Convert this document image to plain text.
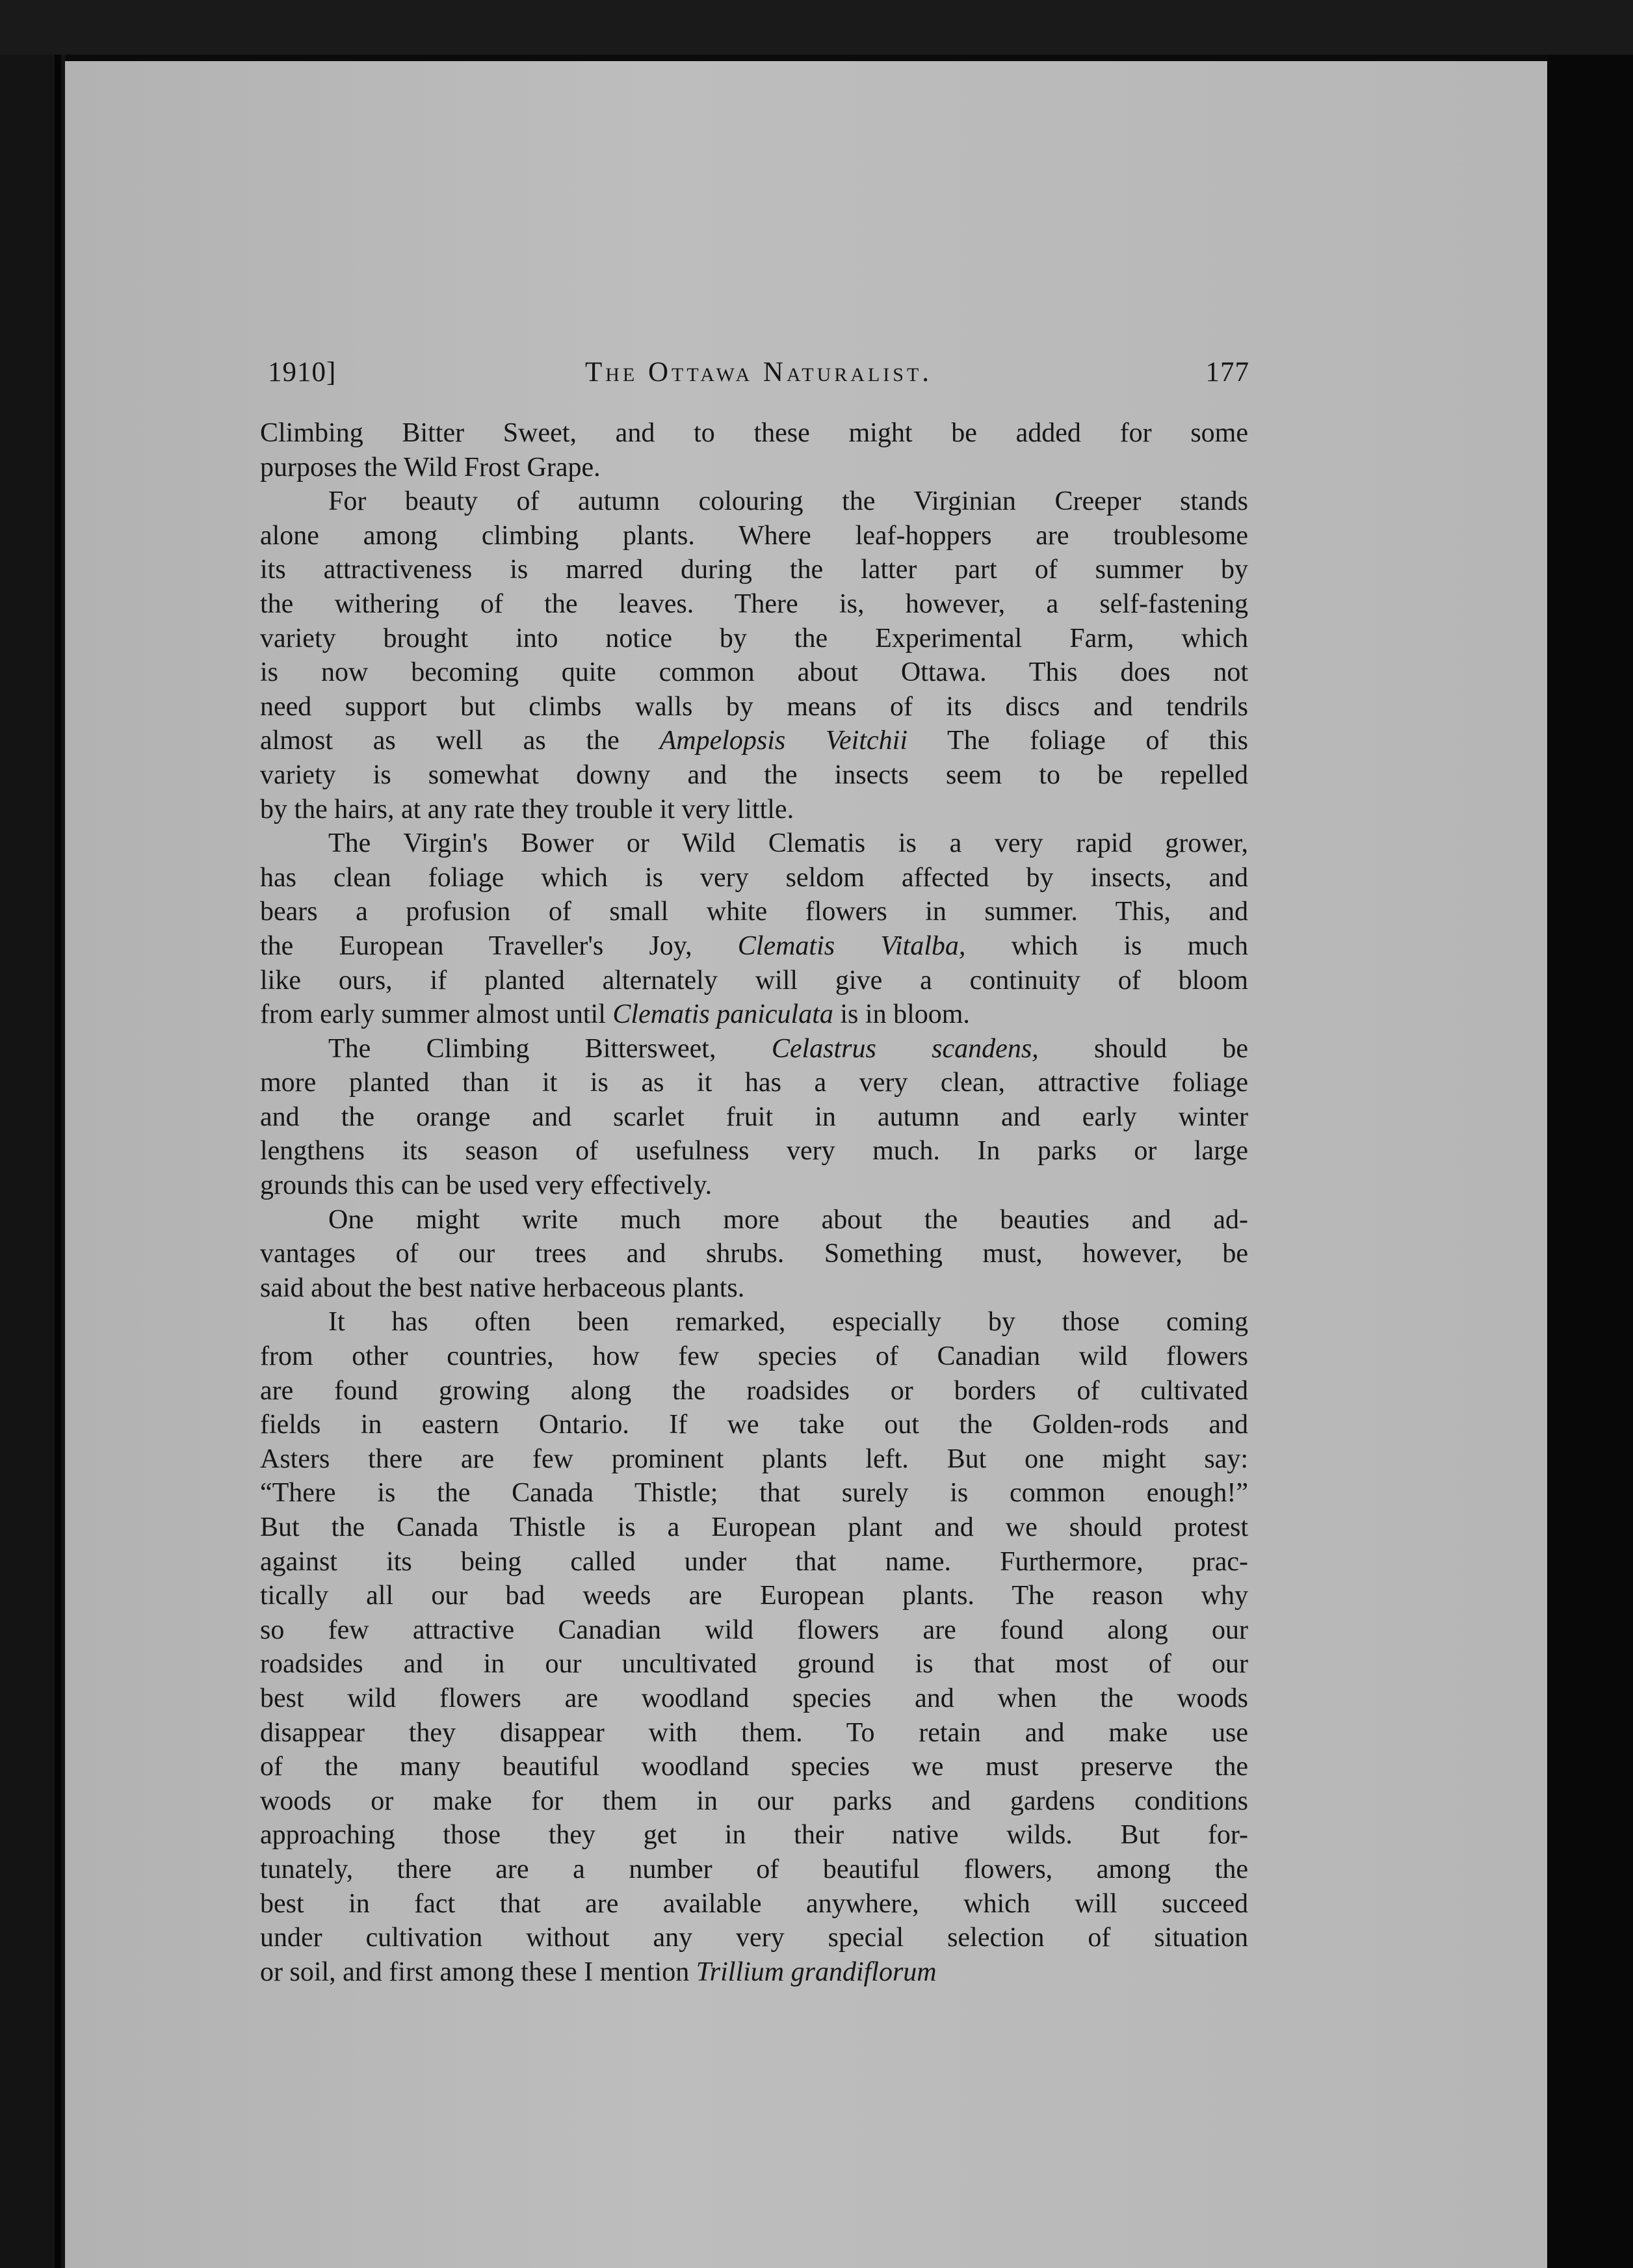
1910]	The Ottawa Naturalist.	177
Climbing Bitter Sweet, and to these might be added for some
purposes the Wild Frost Grape.
For beauty of autumn colouring the Virginian Creeper stands
alone among climbing plants. Where leaf-hoppers are troublesome
its attractiveness is marred during the latter part of summer by
the withering of the leaves. There is, however, a self-fastening
variety brought into notice by the Experimental Farm, which
is now becoming quite common about Ottawa. This does not
need support but climbs walls by means of its discs and tendrils
almost as well as the Ampelopsis Veitchii The foliage of this
variety is somewhat downy and the insects seem to be repelled
by the hairs, at any rate they trouble it very little.
The Virgin's Bower or Wild Clematis is a very rapid grower,
has clean foliage which is very seldom affected by insects, and
bears a profusion of small white flowers in summer. This, and
the European Traveller's Joy, Clematis Vitalba, which is much
like ours, if planted alternately will give a continuity of bloom
from early summer almost until Clematis paniculata is in bloom.
The Climbing Bittersweet, Celastrus scandens, should be
more planted than it is as it has a very clean, attractive foliage
and the orange and scarlet fruit in autumn and early winter
lengthens its season of usefulness very much. In parks or large
grounds this can be used very effectively.
One might write much more about the beauties and ad-
vantages of our trees and shrubs. Something must, however, be
said about the best native herbaceous plants.
It has often been remarked, especially by those coming
from other countries, how few species of Canadian wild flowers
are found growing along the roadsides or borders of cultivated
fields in eastern Ontario. If we take out the Golden-rods and
Asters there are few prominent plants left. But one might say:
“There is the Canada Thistle; that surely is common enough!”
But the Canada Thistle is a European plant and we should protest
against its being called under that name. Furthermore, prac-
tically all our bad weeds are European plants. The reason why
so few attractive Canadian wild flowers are found along our
roadsides and in our uncultivated ground is that most of our
best wild flowers are woodland species and when the woods
disappear they disappear with them. To retain and make use
of the many beautiful woodland species we must preserve the
woods or make for them in our parks and gardens conditions
approaching those they get in their native wilds. But for-
tunately, there are a number of beautiful flowers, among the
best in fact that are available anywhere, which will succeed
under cultivation without any very special selection of situation
or soil, and first among these I mention Trillium grandiflorum
